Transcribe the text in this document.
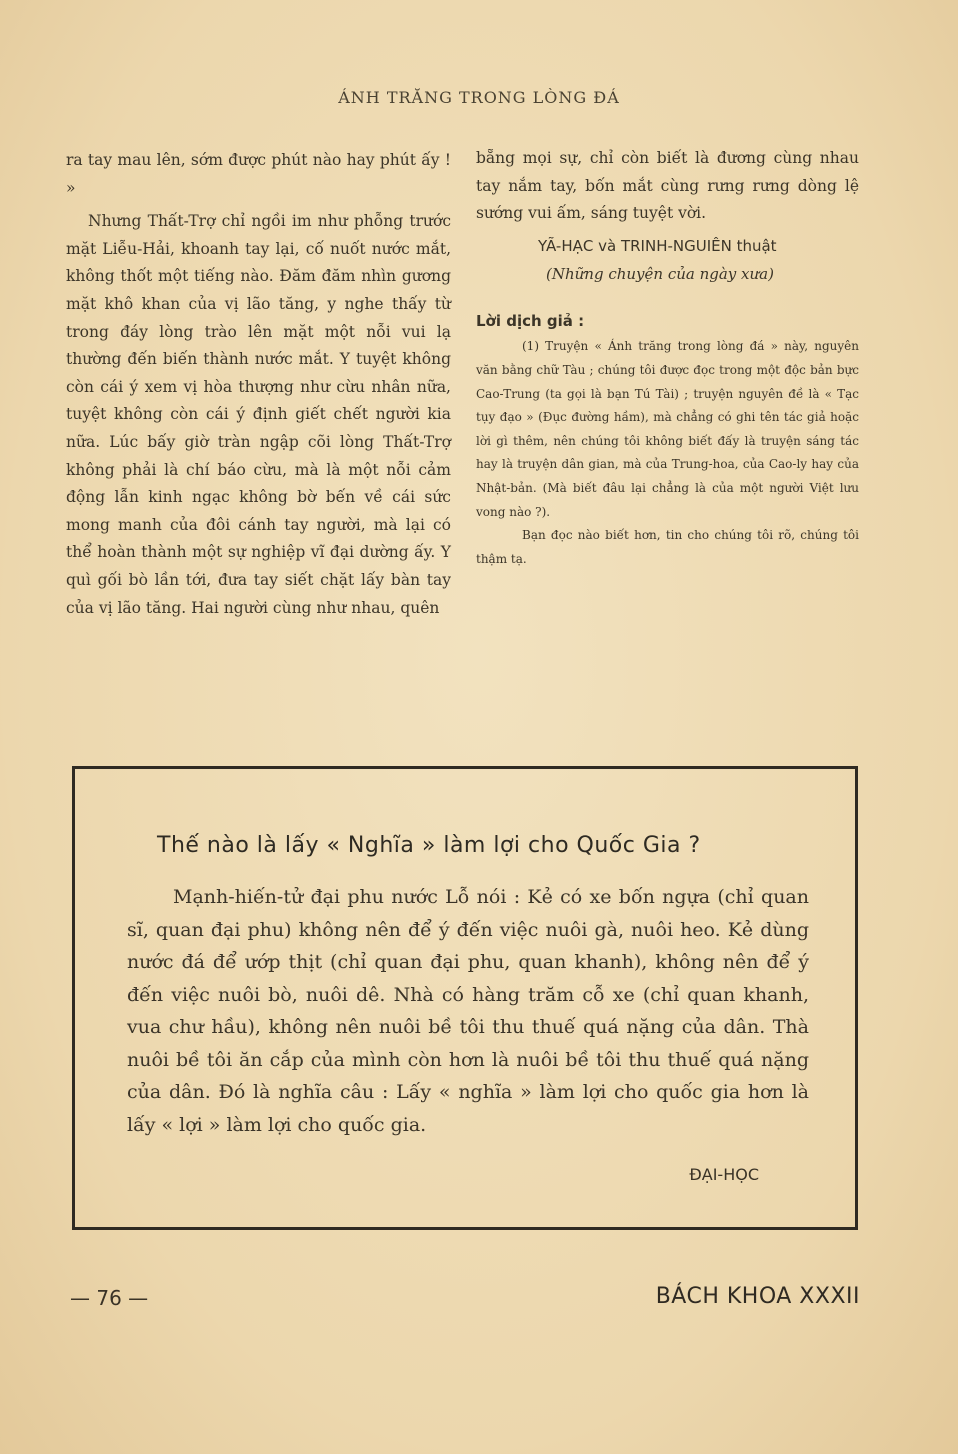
ÁNH TRĂNG TRONG LÒNG ĐÁ

ra tay mau lên, sớm được phút nào hay phút ấy ! »

Nhưng Thất-Trợ chỉ ngồi im như phỗng trước mặt Liễu-Hải, khoanh tay lại, cố nuốt nước mắt, không thốt một tiếng nào. Đăm đăm nhìn gương mặt khô khan của vị lão tăng, y nghe thấy từ trong đáy lòng trào lên mặt một nỗi vui lạ thường đến biến thành nước mắt. Y tuyệt không còn cái ý xem vị hòa thượng như cừu nhân nữa, tuyệt không còn cái ý định giết chết người kia nữa. Lúc bấy giờ tràn ngập cõi lòng Thất-Trợ không phải là chí báo cừu, mà là một nỗi cảm động lẫn kinh ngạc không bờ bến về cái sức mong manh của đôi cánh tay người, mà lại có thể hoàn thành một sự nghiệp vĩ đại dường ấy. Y quì gối bò lần tới, đưa tay siết chặt lấy bàn tay của vị lão tăng. Hai người cùng như nhau, quên

bẵng mọi sự, chỉ còn biết là đương cùng nhau tay nắm tay, bốn mắt cùng rưng rưng dòng lệ sướng vui ấm, sáng tuyệt vời.

YÃ-HẠC và TRINH-NGUIÊN thuật
(Những chuyện của ngày xưa)
Lời dịch giả :

(1) Truyện « Ánh trăng trong lòng đá » này, nguyên văn bằng chữ Tàu ; chúng tôi được đọc trong một độc bản bực Cao-Trung (ta gọi là bạn Tú Tài) ; truyện nguyên đề là « Tạc tụy đạo » (Đục đường hầm), mà chẳng có ghi tên tác giả hoặc lời gì thêm, nên chúng tôi không biết đấy là truyện sáng tác hay là truyện dân gian, mà của Trung-hoa, của Cao-ly hay của Nhật-bản. (Mà biết đâu lại chẳng là của một người Việt lưu vong nào ?).

Bạn đọc nào biết hơn, tin cho chúng tôi rõ, chúng tôi thậm tạ.

Thế nào là lấy « Nghĩa » làm lợi cho Quốc Gia ?
Mạnh-hiến-tử đại phu nước Lỗ nói : Kẻ có xe bốn ngựa (chỉ quan sĩ, quan đại phu) không nên để ý đến việc nuôi gà, nuôi heo. Kẻ dùng nước đá để ướp thịt (chỉ quan đại phu, quan khanh), không nên để ý đến việc nuôi bò, nuôi dê. Nhà có hàng trăm cỗ xe (chỉ quan khanh, vua chư hầu), không nên nuôi bề tôi thu thuế quá nặng của dân. Thà nuôi bề tôi ăn cắp của mình còn hơn là nuôi bề tôi thu thuế quá nặng của dân. Đó là nghĩa câu : Lấy « nghĩa » làm lợi cho quốc gia hơn là lấy « lợi » làm lợi cho quốc gia.
ĐẠI-HỌC
— 76 —	BÁCH KHOA XXXII
